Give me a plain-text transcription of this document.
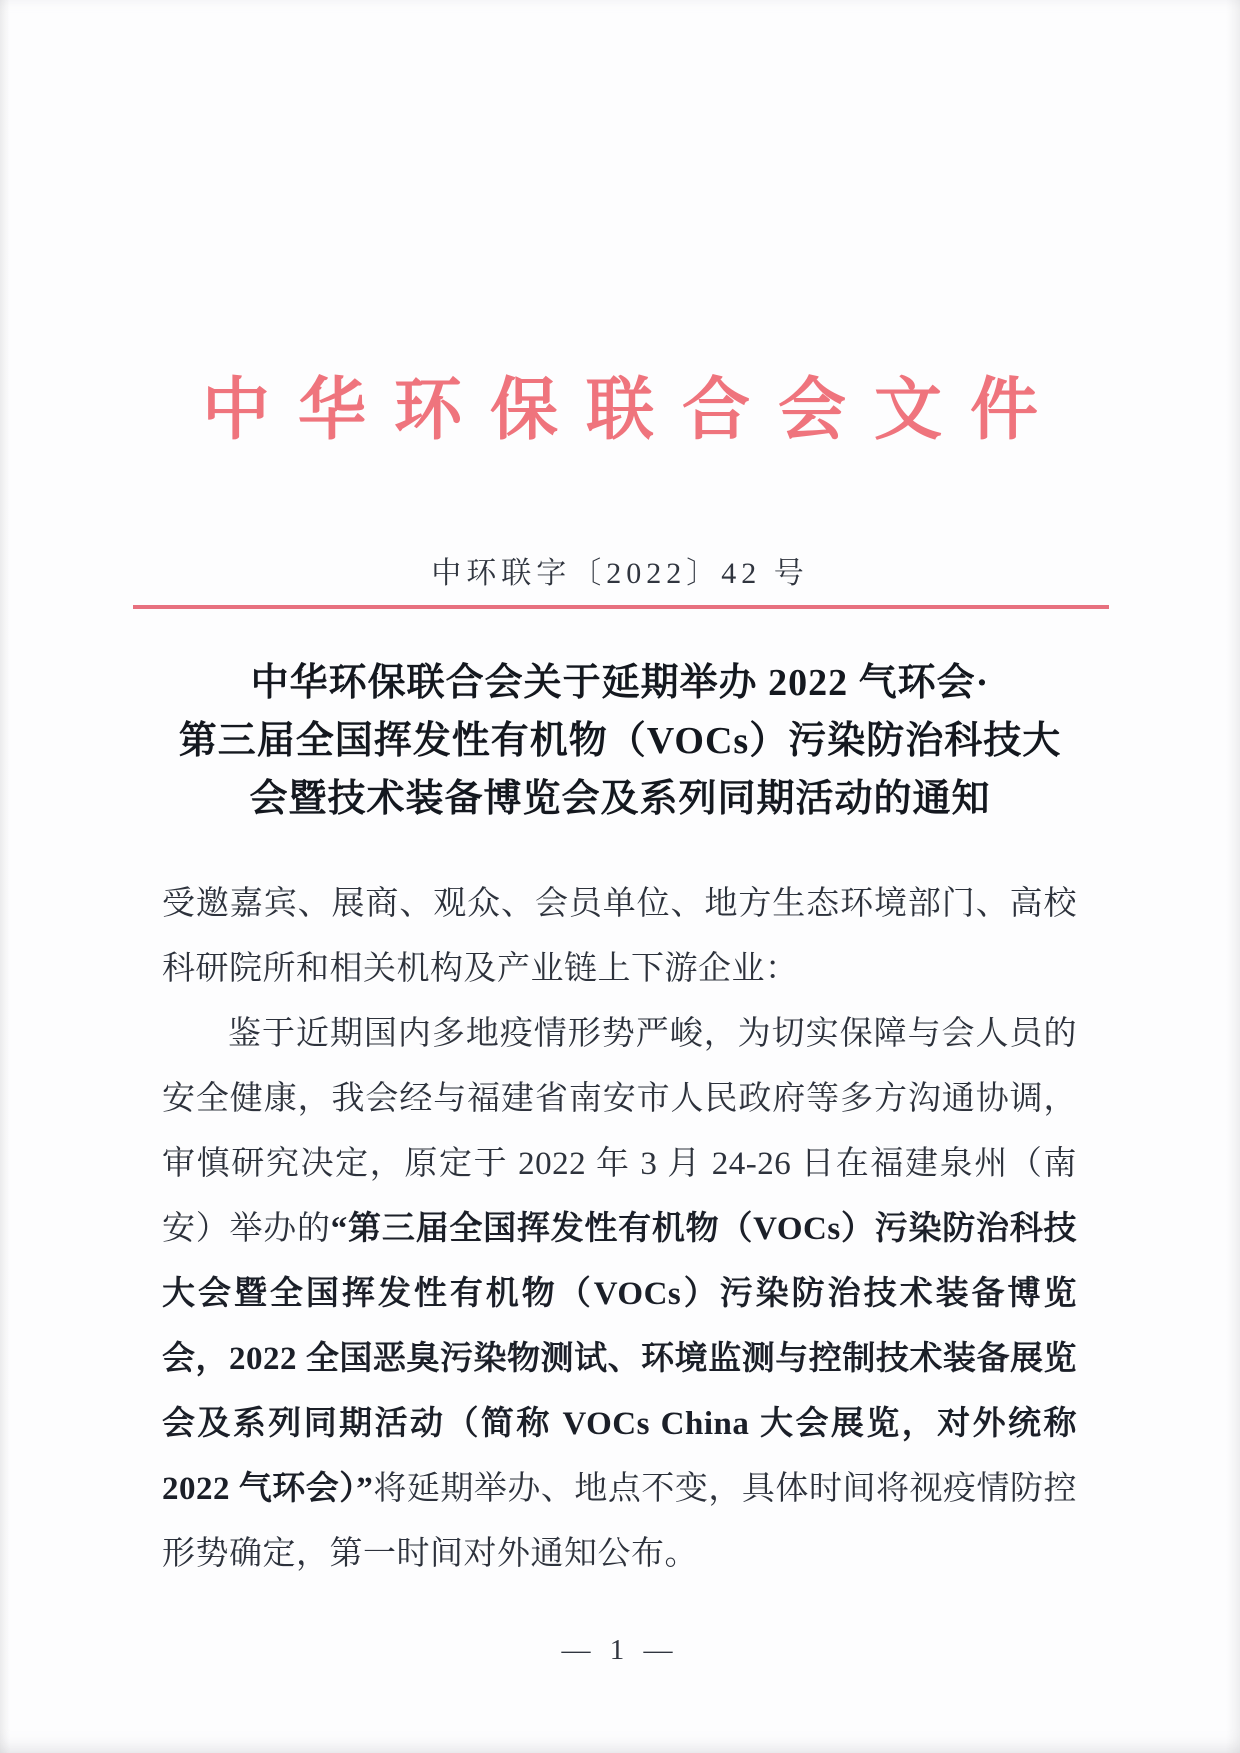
中华环保联合会文件
中环联字〔2022〕42 号
中华环保联合会关于延期举办 2022 气环会·
第三届全国挥发性有机物（VOCs）污染防治科技大
会暨技术装备博览会及系列同期活动的通知

受邀嘉宾、展商、观众、会员单位、地方生态环境部门、高校科研院所和相关机构及产业链上下游企业：

鉴于近期国内多地疫情形势严峻，为切实保障与会人员的安全健康，我会经与福建省南安市人民政府等多方沟通协调，审慎研究决定，原定于 2022 年 3 月 24-26 日在福建泉州（南安）举办的“第三届全国挥发性有机物（VOCs）污染防治科技大会暨全国挥发性有机物（VOCs）污染防治技术装备博览会，2022 全国恶臭污染物测试、环境监测与控制技术装备展览会及系列同期活动（简称 VOCs China 大会展览，对外统称 2022 气环会）”将延期举办、地点不变，具体时间将视疫情防控形势确定，第一时间对外通知公布。

— 1 —
